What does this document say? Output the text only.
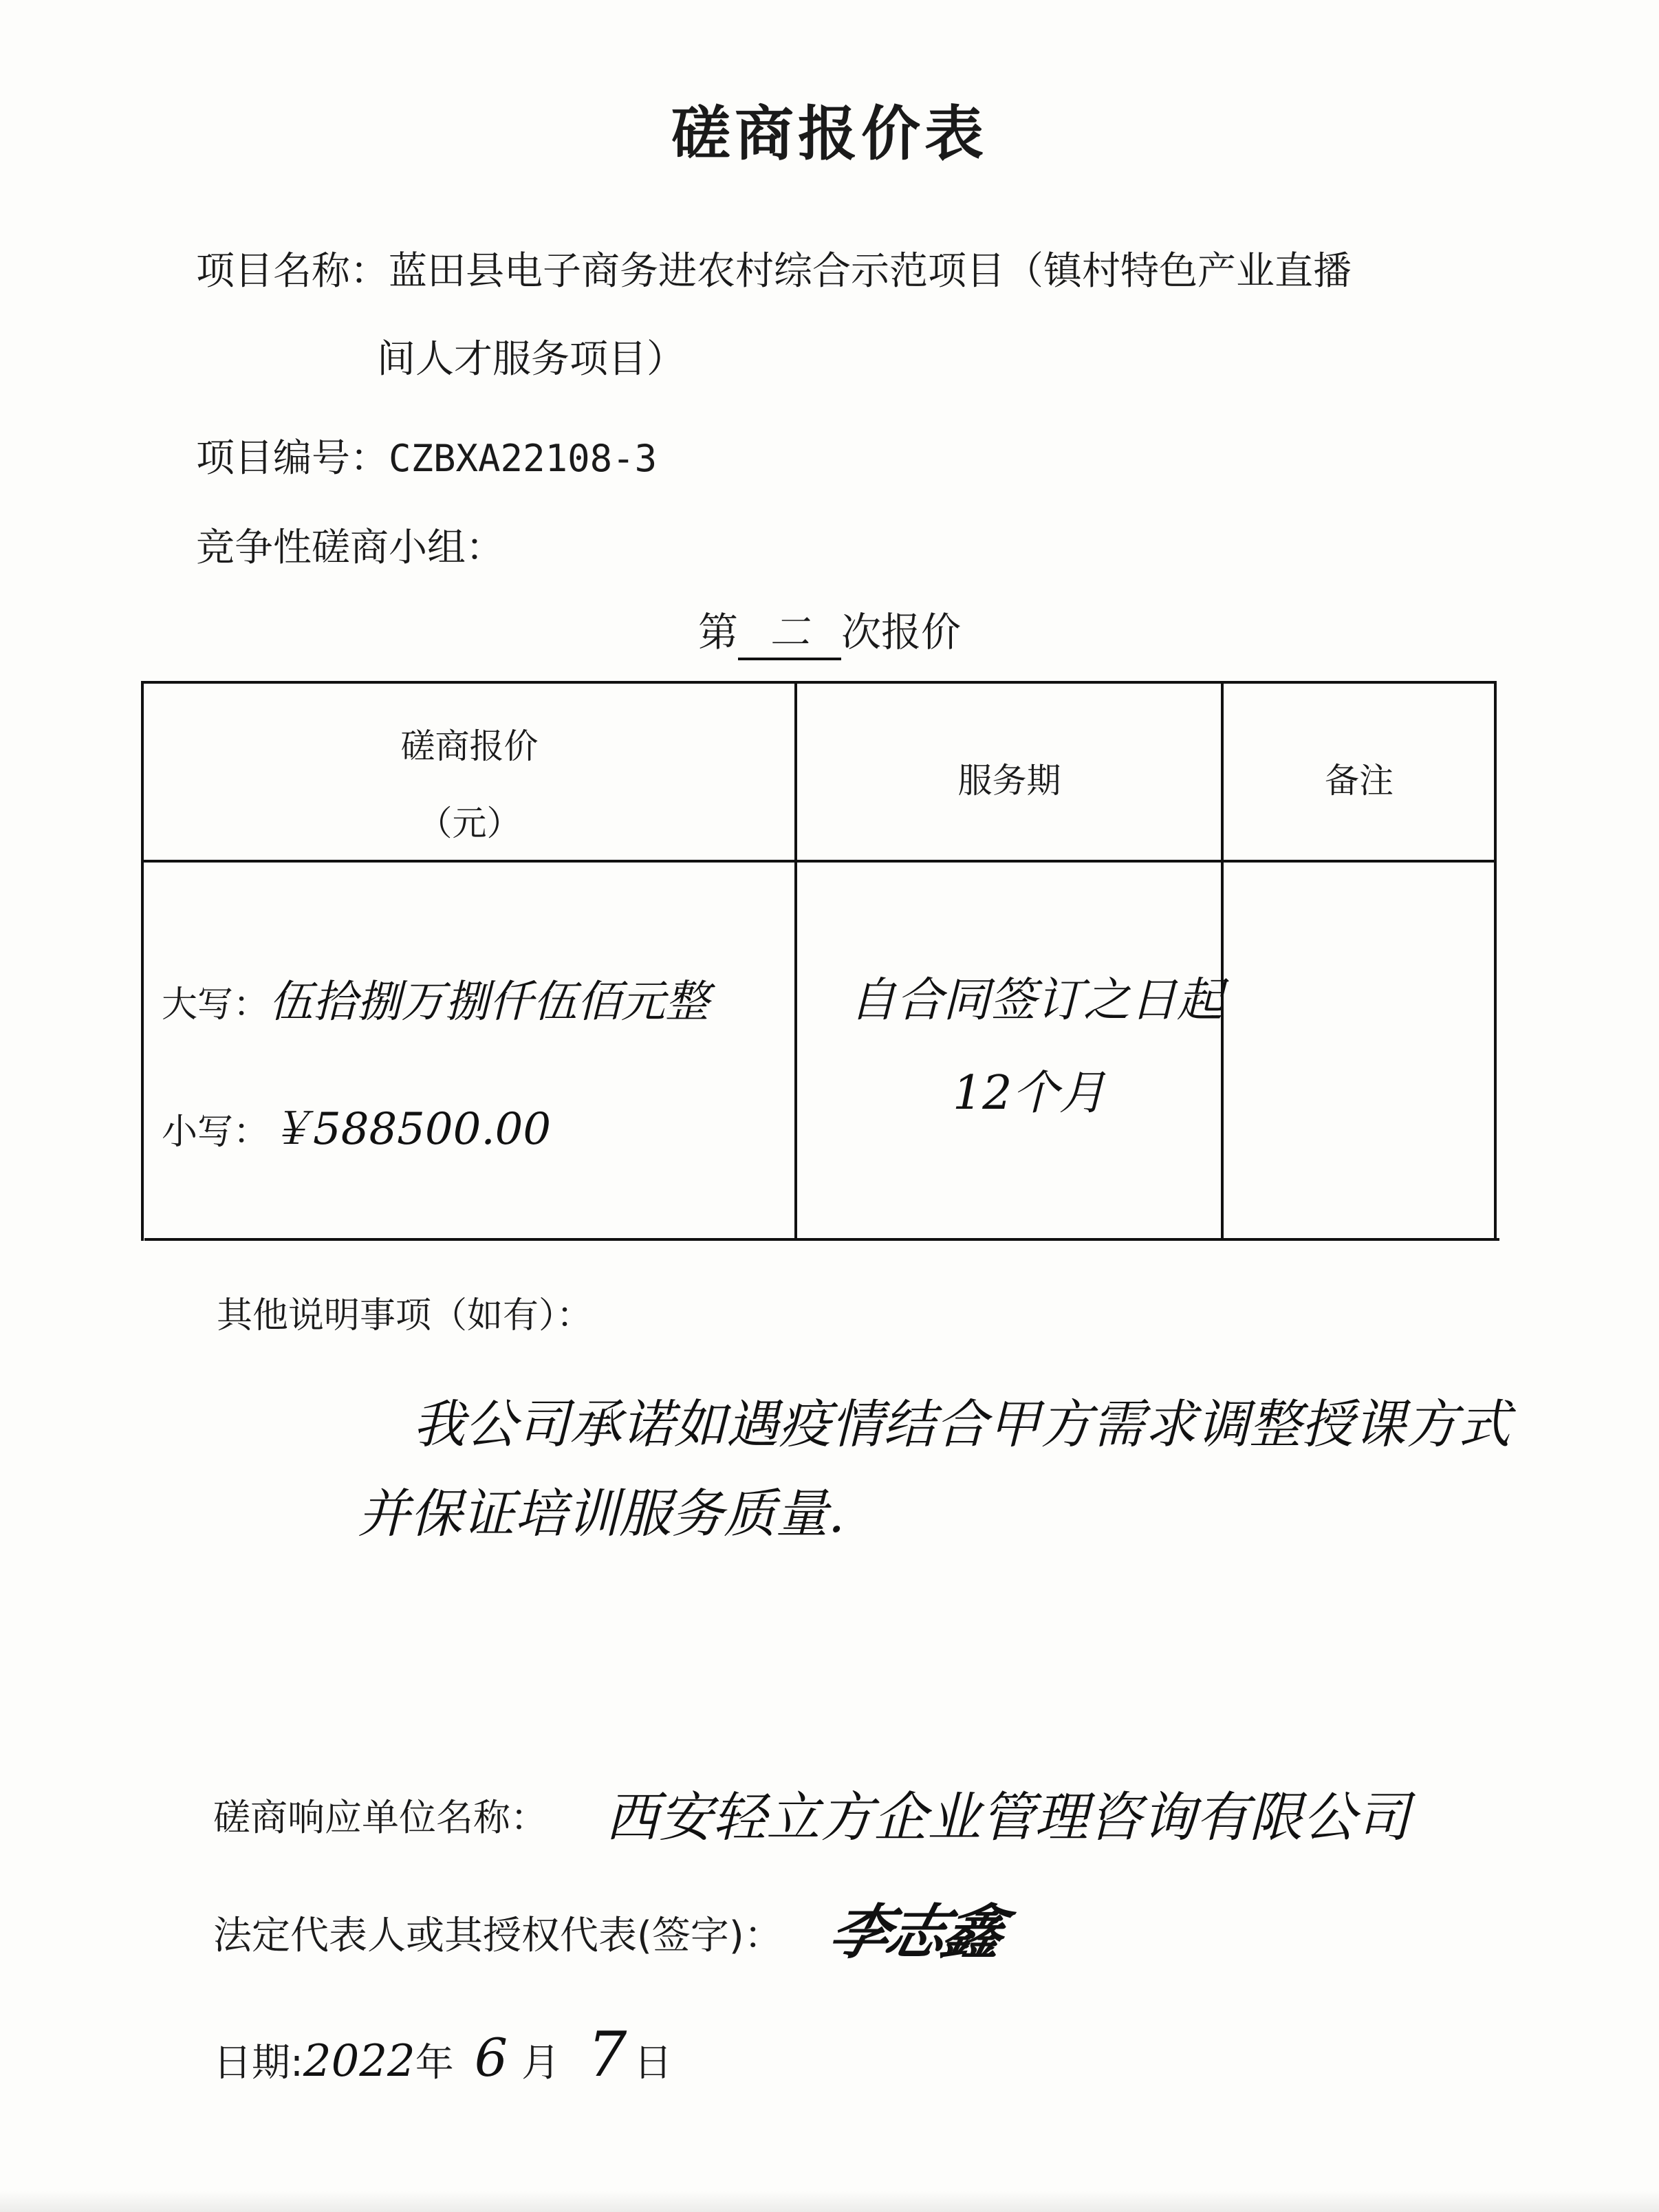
磋商报价表
项目名称：蓝田县电子商务进农村综合示范项目（镇村特色产业直播
间人才服务项目）
项目编号：CZBXA22108-3
竞争性磋商小组：
第 二 次报价
磋商报价
（元）
服务期	备注
大写：伍拾捌万捌仟伍佰元整
小写：￥588500.00
自合同签订之日起
12个月
其他说明事项（如有）：
我公司承诺如遇疫情结合甲方需求调整授课方式
并保证培训服务质量.
磋商响应单位名称： 西安轻立方企业管理咨询有限公司
法定代表人或其授权代表(签字)： 李志鑫
日期:2022年 6 月 7 日
